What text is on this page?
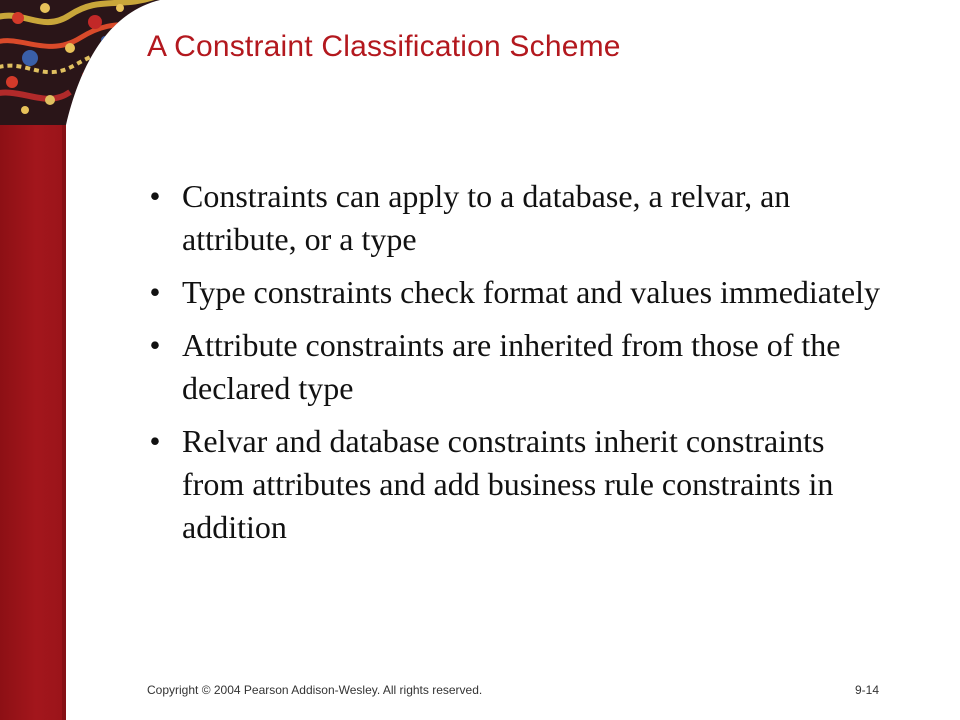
A Constraint Classification Scheme
• Constraints can apply to a database, a relvar, an attribute, or a type
• Type constraints check format and values immediately
• Attribute constraints are inherited from those of the declared type
• Relvar and database constraints inherit constraints from attributes and add business rule constraints in addition
Copyright © 2004 Pearson Addison-Wesley. All rights reserved.	9-14
